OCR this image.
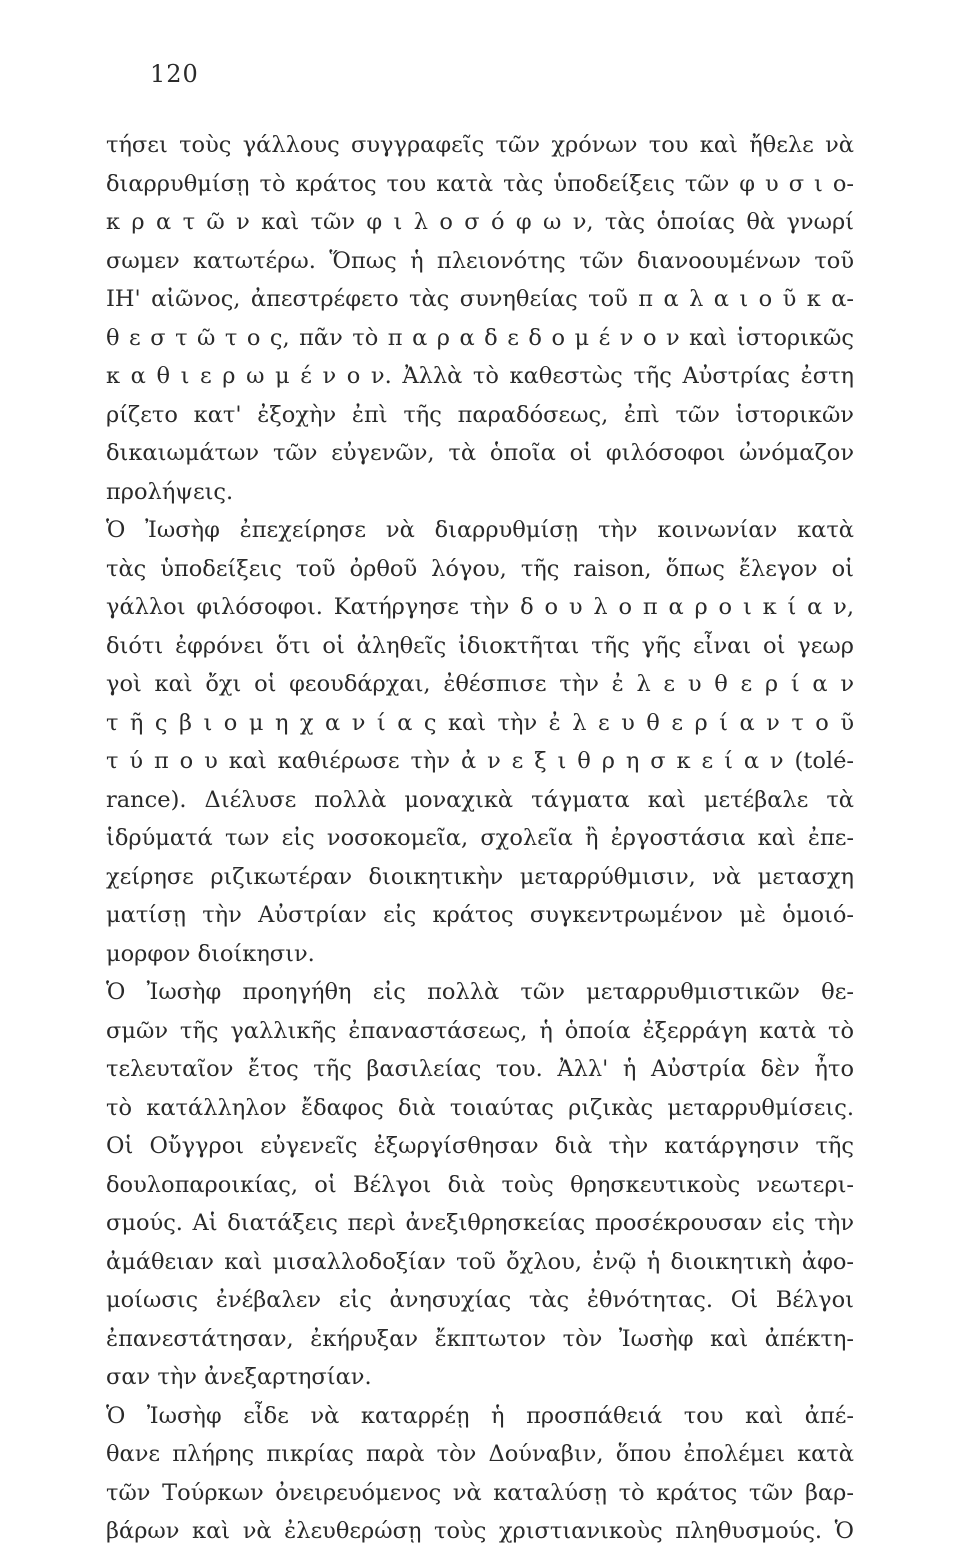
120
τήσει τοὺς γάλλους συγγραφεῖς τῶν χρόνων του καὶ ἤθελε νὰ
διαρρυθμίσῃ τὸ κράτος του κατὰ τὰς ὑποδείξεις τῶν φ υ σ ι ο-
κ ρ α τ ῶ ν καὶ τῶν φ ι λ ο σ ό φ ω ν, τὰς ὁποίας θὰ γνωρί
σωμεν κατωτέρω. Ὅπως ἡ πλειονότης τῶν διανοουμένων τοῦ
ΙΗ' αἰῶνος, ἀπεστρέφετο τὰς συνηθείας τοῦ π α λ α ι ο ῦ κ α-
θ ε σ τ ῶ τ ο ς, πᾶν τὸ π α ρ α δ ε δ ο μ έ ν ο ν καὶ ἱστορικῶς
κ α θ ι ε ρ ω μ έ ν ο ν. Ἀλλὰ τὸ καθεστὼς τῆς Αὐστρίας ἐστη
ρίζετο κατ' ἐξοχὴν ἐπὶ τῆς παραδόσεως, ἐπὶ τῶν ἱστορικῶν
δικαιωμάτων τῶν εὐγενῶν, τὰ ὁποῖα οἱ φιλόσοφοι ὠνόμαζον
προλήψεις.
Ὁ Ἰωσὴφ ἐπεχείρησε νὰ διαρρυθμίσῃ τὴν κοινωνίαν κατὰ
τὰς ὑποδείξεις τοῦ ὀρθοῦ λόγου, τῆς raison, ὅπως ἔλεγον οἱ
γάλλοι φιλόσοφοι. Κατήργησε τὴν δ ο υ λ ο π α ρ ο ι κ ί α ν,
διότι ἐφρόνει ὅτι οἱ ἀληθεῖς ἰδιοκτῆται τῆς γῆς εἶναι οἱ γεωρ
γοὶ καὶ ὄχι οἱ φεουδάρχαι, ἐθέσπισε τὴν ἐ λ ε υ θ ε ρ ί α ν
τ ῆ ς β ι ο μ η χ α ν ί α ς καὶ τὴν ἐ λ ε υ θ ε ρ ί α ν τ ο ῦ
τ ύ π ο υ καὶ καθιέρωσε τὴν ἀ ν ε ξ ι θ ρ η σ κ ε ί α ν (tolé-
rance). Διέλυσε πολλὰ μοναχικὰ τάγματα καὶ μετέβαλε τὰ
ἱδρύματά των εἰς νοσοκομεῖα, σχολεῖα ἢ ἐργοστάσια καὶ ἐπε-
χείρησε ριζικωτέραν διοικητικὴν μεταρρύθμισιν, νὰ μετασχη
ματίσῃ τὴν Αὐστρίαν εἰς κράτος συγκεντρωμένον μὲ ὁμοιό-
μορφον διοίκησιν.
Ὁ Ἰωσὴφ προηγήθη εἰς πολλὰ τῶν μεταρρυθμιστικῶν θε-
σμῶν τῆς γαλλικῆς ἐπαναστάσεως, ἡ ὁποία ἐξερράγη κατὰ τὸ
τελευταῖον ἔτος τῆς βασιλείας του. Ἀλλ' ἡ Αὐστρία δὲν ἦτο
τὸ κατάλληλον ἔδαφος διὰ τοιαύτας ριζικὰς μεταρρυθμίσεις.
Οἱ Οὔγγροι εὐγενεῖς ἐξωργίσθησαν διὰ τὴν κατάργησιν τῆς
δουλοπαροικίας, οἱ Βέλγοι διὰ τοὺς θρησκευτικοὺς νεωτερι-
σμούς. Αἱ διατάξεις περὶ ἀνεξιθρησκείας προσέκρουσαν εἰς τὴν
ἀμάθειαν καὶ μισαλλοδοξίαν τοῦ ὄχλου, ἐνῷ ἡ διοικητικὴ ἀφο-
μοίωσις ἐνέβαλεν εἰς ἀνησυχίας τὰς ἐθνότητας. Οἱ Βέλγοι
ἐπανεστάτησαν, ἐκήρυξαν ἔκπτωτον τὸν Ἰωσὴφ καὶ ἀπέκτη-
σαν τὴν ἀνεξαρτησίαν.
Ὁ Ἰωσὴφ εἶδε νὰ καταρρέῃ ἡ προσπάθειά του καὶ ἀπέ-
θανε πλήρης πικρίας παρὰ τὸν Δούναβιν, ὅπου ἐπολέμει κατὰ
τῶν Τούρκων ὀνειρευόμενος νὰ καταλύσῃ τὸ κράτος τῶν βαρ-
βάρων καὶ νὰ ἐλευθερώσῃ τοὺς χριστιανικοὺς πληθυσμούς. Ὁ
